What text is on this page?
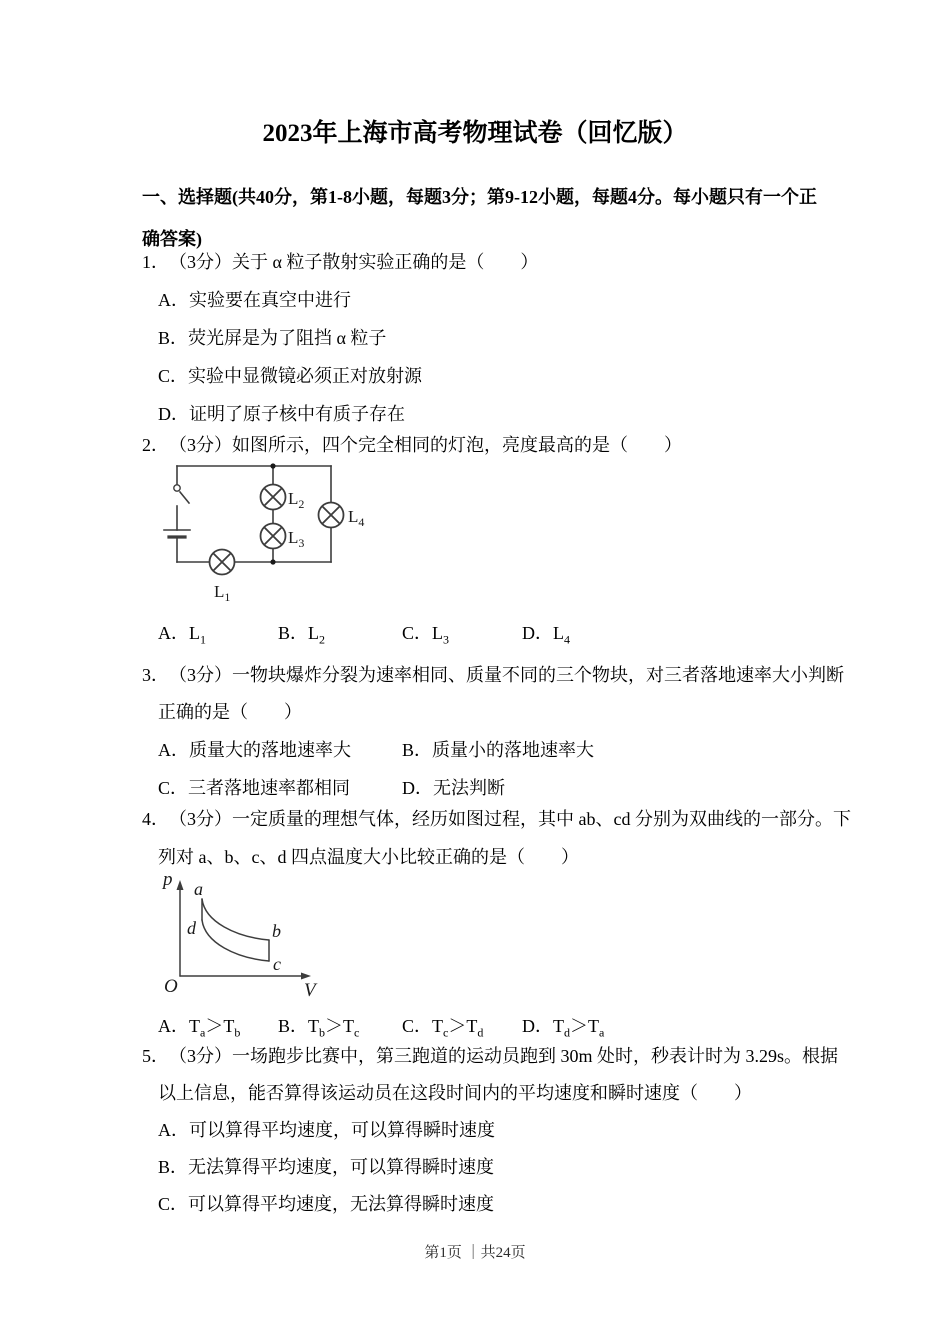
2023年上海市高考物理试卷（回忆版）
一、选择题(共40分，第1-8小题，每题3分；第9-12小题，每题4分。每小题只有一个正
确答案)
1．（3分）关于 α 粒子散射实验正确的是（　　）
A．实验要在真空中进行
B．荧光屏是为了阻挡 α 粒子
C．实验中显微镜必须正对放射源
D．证明了原子核中有质子存在
2．（3分）如图所示，四个完全相同的灯泡，亮度最高的是（　　）
$L_1$
$L_2$
$L_3$
$L_4$
A．$L_1$	B．$L_2$	C．$L_3$	D．$L_4$
3．（3分）一物块爆炸分裂为速率相同、质量不同的三个物块，对三者落地速率大小判断
正确的是（　　）
A．质量大的落地速率大	B．质量小的落地速率大
C．三者落地速率都相同	D．无法判断
4．（3分）一定质量的理想气体，经历如图过程，其中 ab、cd 分别为双曲线的一部分。下
列对 a、b、c、d 四点温度大小比较正确的是（　　）
p
V
O
a
b
c
d
A．$T_a>T_b$ B．$T_b>T_c$ C．$T_c>T_d$ D．$T_d>T_a$
5．（3分）一场跑步比赛中，第三跑道的运动员跑到 30m 处时，秒表计时为 3.29s。根据
以上信息，能否算得该运动员在这段时间内的平均速度和瞬时速度（　　）
A．可以算得平均速度，可以算得瞬时速度
B．无法算得平均速度，可以算得瞬时速度
C．可以算得平均速度，无法算得瞬时速度
第1页 ｜共24页
